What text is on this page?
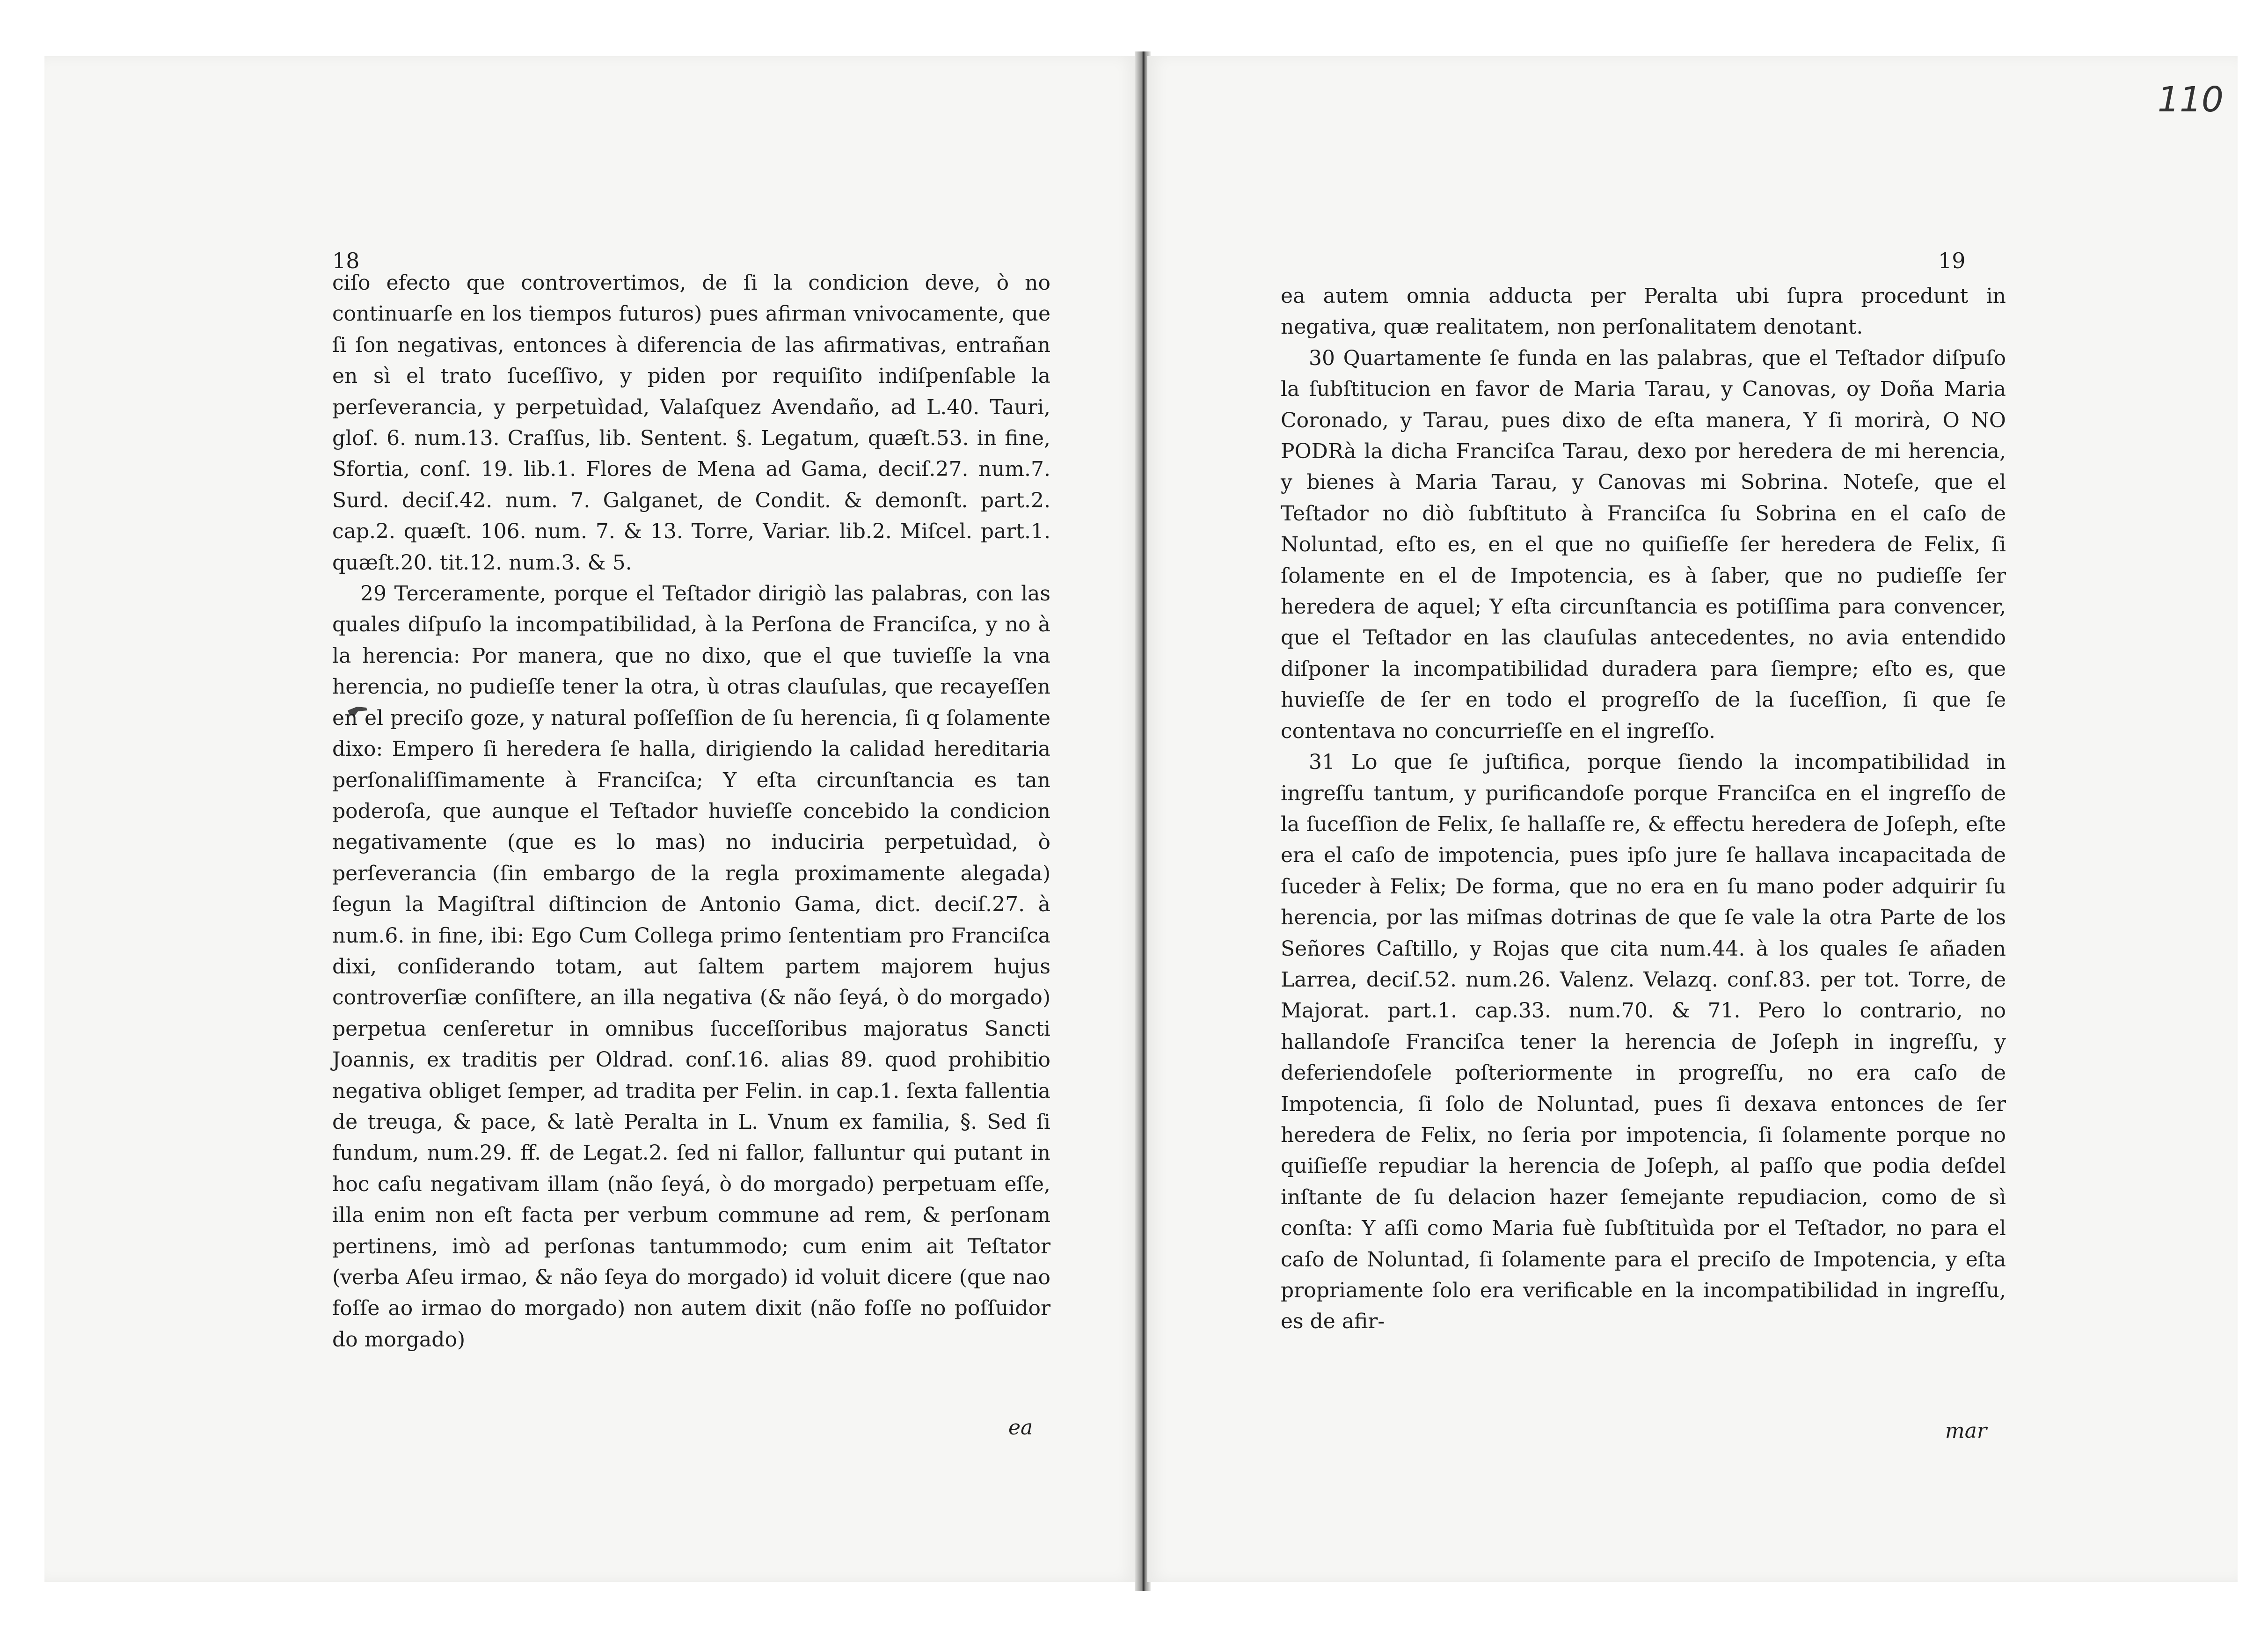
18

ciſo efecto que controvertimos, de ſi la condicion deve, ò no continuarſe en los tiempos futuros) pues afirman vnivocamente, que ſi ſon negativas, entonces à diferencia de las afirmativas, entrañan en sì el trato ſuceſſivo, y piden por requiſito indiſpenſable la perſeverancia, y perpetuìdad, Valaſquez Avendaño, ad L.40. Tauri, gloſ. 6. num.13. Craſſus, lib. Sentent. §. Legatum, quæſt.53. in fine, Sfortia, conſ. 19. lib.1. Flores de Mena ad Gama, deciſ.27. num.7. Surd. deciſ.42. num. 7. Galganet, de Condit. & demonſt. part.2. cap.2. quæſt. 106. num. 7. & 13. Torre, Variar. lib.2. Miſcel. part.1. quæſt.20. tit.12. num.3. & 5.

29 Terceramente, porque el Teſtador dirigiò las palabras, con las quales diſpuſo la incompatibilidad, à la Perſona de Franciſca, y no à la herencia: Por manera, que no dixo, que el que tuvieſſe la vna herencia, no pudieſſe tener la otra, ù otras clauſulas, que recayeſſen en el preciſo goze, y natural poſſeſſion de ſu herencia, ſi q ſolamente dixo: Empero ſi heredera ſe halla, dirigiendo la calidad hereditaria perſonaliſſimamente à Franciſca; Y eſta circunſtancia es tan poderoſa, que aunque el Teſtador huvieſſe concebido la condicion negativamente (que es lo mas) no induciria perpetuìdad, ò perſeverancia (ſin embargo de la regla proximamente alegada) ſegun la Magiſtral diſtincion de Antonio Gama, dict. deciſ.27. à num.6. in fine, ibi: Ego Cum Collega primo ſententiam pro Franciſca dixi, conſiderando totam, aut ſaltem partem majorem hujus controverſiæ conſiſtere, an illa negativa (& não ſeyá, ò do morgado) perpetua cenſeretur in omnibus ſucceſſoribus majoratus Sancti Joannis, ex traditis per Oldrad. conſ.16. alias 89. quod prohibitio negativa obliget ſemper, ad tradita per Felin. in cap.1. ſexta fallentia de treuga, & pace, & latè Peralta in L. Vnum ex familia, §. Sed ſi fundum, num.29. ff. de Legat.2. ſed ni fallor, falluntur qui putant in hoc caſu negativam illam (não ſeyá, ò do morgado) perpetuam eſſe, illa enim non eſt facta per verbum commune ad rem, & perſonam pertinens, imò ad perſonas tantummodo; cum enim ait Teſtator (verba Aſeu irmao, & não ſeya do morgado) id voluit dicere (que nao foſſe ao irmao do morgado) non autem dixit (não foſſe no poſſuidor do morgado)

ea
19

ea autem omnia adducta per Peralta ubi ſupra procedunt in negativa, quæ realitatem, non perſonalitatem denotant.

30 Quartamente ſe funda en las palabras, que el Teſtador diſpuſo la ſubſtitucion en favor de Maria Tarau, y Canovas, oy Doña Maria Coronado, y Tarau, pues dixo de eſta manera, Y ſi morirà, O NO PODRà la dicha Franciſca Tarau, dexo por heredera de mi herencia, y bienes à Maria Tarau, y Canovas mi Sobrina. Noteſe, que el Teſtador no diò ſubſtituto à Franciſca ſu Sobrina en el caſo de Noluntad, eſto es, en el que no quiſieſſe ſer heredera de Felix, ſi ſolamente en el de Impotencia, es à ſaber, que no pudieſſe ſer heredera de aquel; Y eſta circunſtancia es potiſſima para convencer, que el Teſtador en las clauſulas antecedentes, no avia entendido diſponer la incompatibilidad duradera para ſiempre; eſto es, que huvieſſe de ſer en todo el progreſſo de la ſuceſſion, ſi que ſe contentava no concurrieſſe en el ingreſſo.

31 Lo que ſe juſtifica, porque ſiendo la incompatibilidad in ingreſſu tantum, y purificandoſe porque Franciſca en el ingreſſo de la ſuceſſion de Felix, ſe hallaſſe re, & effectu heredera de Joſeph, eſte era el caſo de impotencia, pues ipſo jure ſe hallava incapacitada de ſuceder à Felix; De forma, que no era en ſu mano poder adquirir ſu herencia, por las miſmas dotrinas de que ſe vale la otra Parte de los Señores Caſtillo, y Rojas que cita num.44. à los quales ſe añaden Larrea, deciſ.52. num.26. Valenz. Velazq. conſ.83. per tot. Torre, de Majorat. part.1. cap.33. num.70. & 71. Pero lo contrario, no hallandoſe Franciſca tener la herencia de Joſeph in ingreſſu, y deferiendoſele poſteriormente in progreſſu, no era caſo de Impotencia, ſi ſolo de Noluntad, pues ſi dexava entonces de ſer heredera de Felix, no ſeria por impotencia, ſi ſolamente porque no quiſieſſe repudiar la herencia de Joſeph, al paſſo que podia deſdel inſtante de ſu delacion hazer ſemejante repudiacion, como de sì conſta: Y aſſi como Maria fuè ſubſtituìda por el Teſtador, no para el caſo de Noluntad, ſi ſolamente para el preciſo de Impotencia, y eſta propriamente ſolo era verificable en la incompatibilidad in ingreſſu, es de afir-

mar
110
